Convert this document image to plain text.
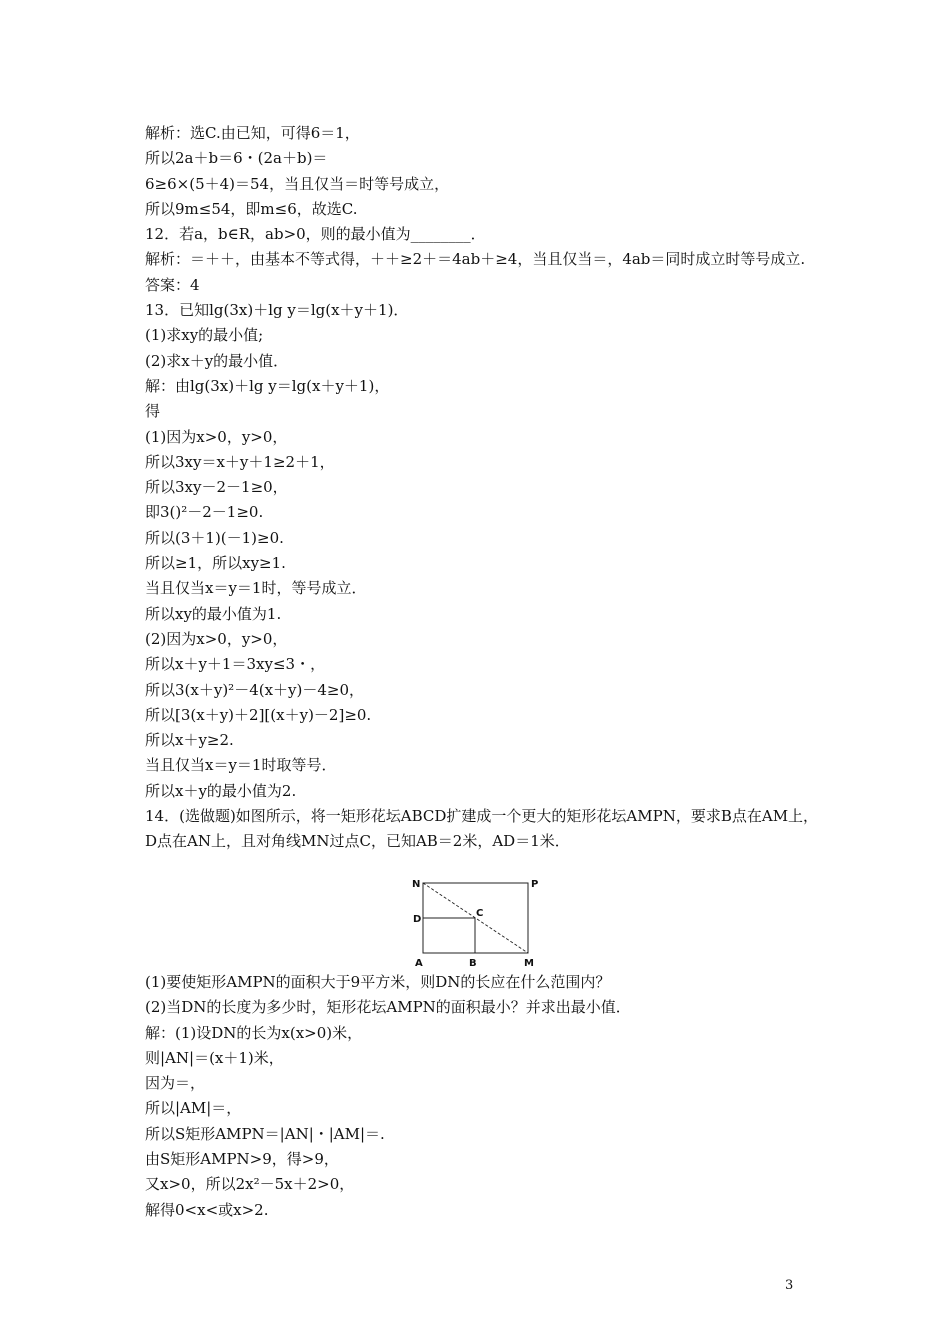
解析：选C.由已知，可得6＝1，
所以2a＋b＝6・(2a＋b)＝
6≥6×(5＋4)＝54，当且仅当＝时等号成立，
所以9m≤54，即m≤6，故选C.
12．若a，b∈R，ab>0，则的最小值为________．
解析：＝＋＋，由基本不等式得，＋＋≥2＋＝4ab＋≥4，当且仅当＝，4ab＝同时成立时等号成立.
答案：4
13．已知lg(3x)＋lg y＝lg(x＋y＋1)．
(1)求xy的最小值;
(2)求x＋y的最小值．
解：由lg(3x)＋lg y＝lg(x＋y＋1)，
得
(1)因为x>0，y>0，
所以3xy＝x＋y＋1≥2＋1，
所以3xy－2－1≥0，
即3()²－2－1≥0.
所以(3＋1)(－1)≥0.
所以≥1，所以xy≥1.
当且仅当x＝y＝1时，等号成立．
所以xy的最小值为1.
(2)因为x>0，y>0，
所以x＋y＋1＝3xy≤3・，
所以3(x＋y)²－4(x＋y)－4≥0，
所以[3(x＋y)＋2][(x＋y)－2]≥0.
所以x＋y≥2.
当且仅当x＝y＝1时取等号．
所以x＋y的最小值为2.
14．(选做题)如图所示，将一矩形花坛ABCD扩建成一个更大的矩形花坛AMPN，要求B点在AM上，D点在AN上，且对角线MN过点C，已知AB＝2米，AD＝1米．
N	P
D
C
A	B	M
(1)要使矩形AMPN的面积大于9平方米，则DN的长应在什么范围内？
(2)当DN的长度为多少时，矩形花坛AMPN的面积最小？并求出最小值．
解：(1)设DN的长为x(x>0)米，
则|AN|＝(x＋1)米，
因为＝，
所以|AM|＝，
所以S矩形AMPN＝|AN|・|AM|＝.
由S矩形AMPN>9，得>9，
又x>0，所以2x²－5x＋2>0，
解得0<x<或x>2.
3
